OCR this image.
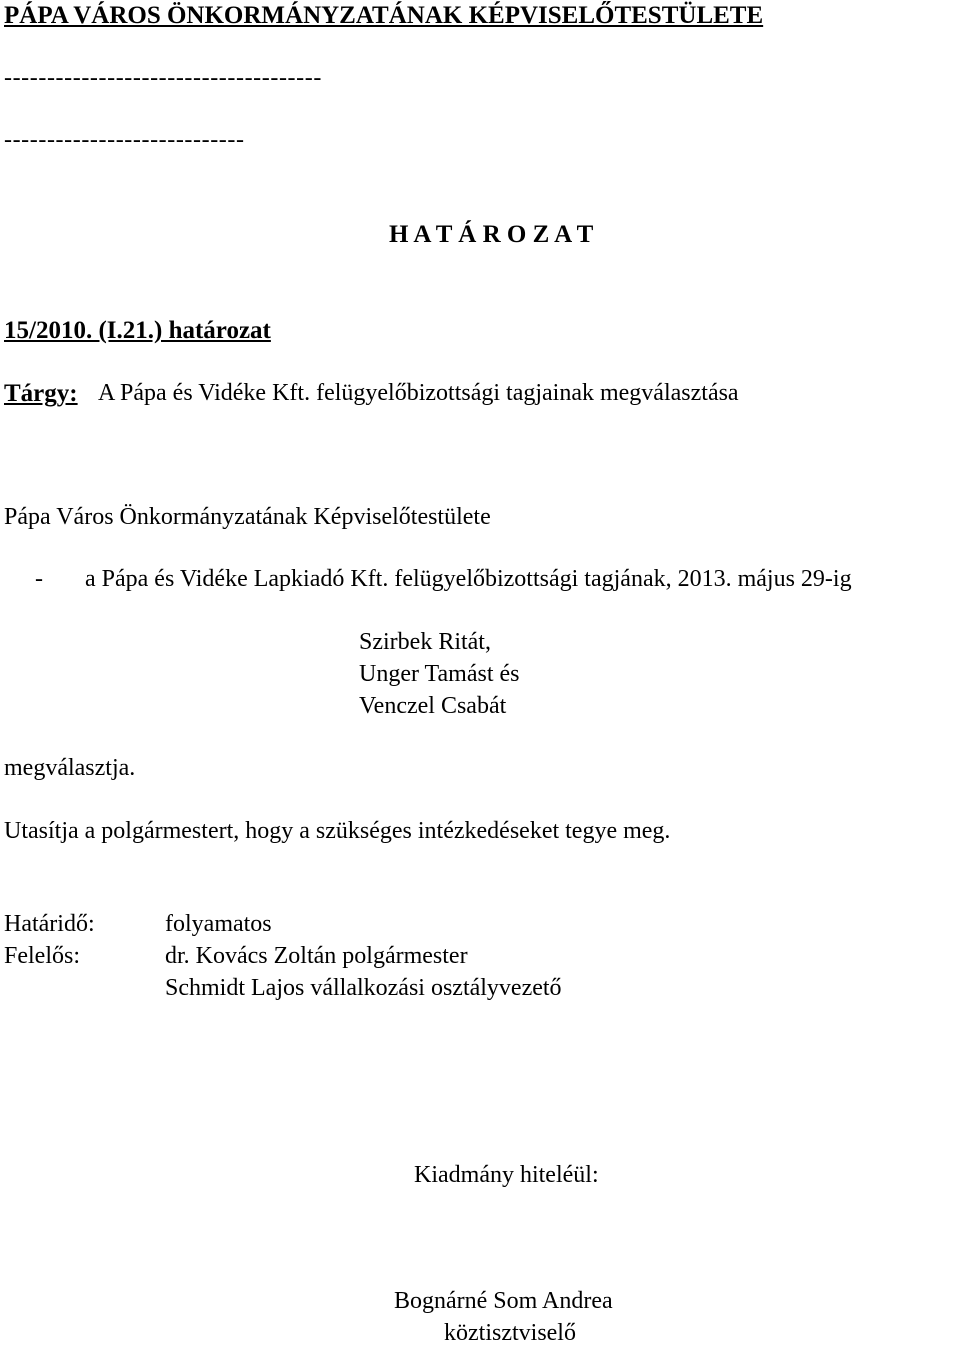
PÁPA VÁROS ÖNKORMÁNYZATÁNAK KÉPVISELŐTESTÜLETE
-------------------------------------
----------------------------
H A T Á R O Z A T
15/2010. (I.21.) határozat
Tárgy: A Pápa és Vidéke Kft. felügyelőbizottsági tagjainak megválasztása
Pápa Város Önkormányzatának Képviselőtestülete
- a Pápa és Vidéke Lapkiadó Kft. felügyelőbizottsági tagjának, 2013. május 29-ig
Szirbek Ritát,
Unger Tamást és
Venczel Csabát
megválasztja.
Utasítja a polgármestert, hogy a szükséges intézkedéseket tegye meg.
Határidő:	folyamatos
Felelős:	dr. Kovács Zoltán polgármester
Schmidt Lajos vállalkozási osztályvezető
Kiadmány hiteléül:
Bognárné Som Andrea
köztisztviselő
